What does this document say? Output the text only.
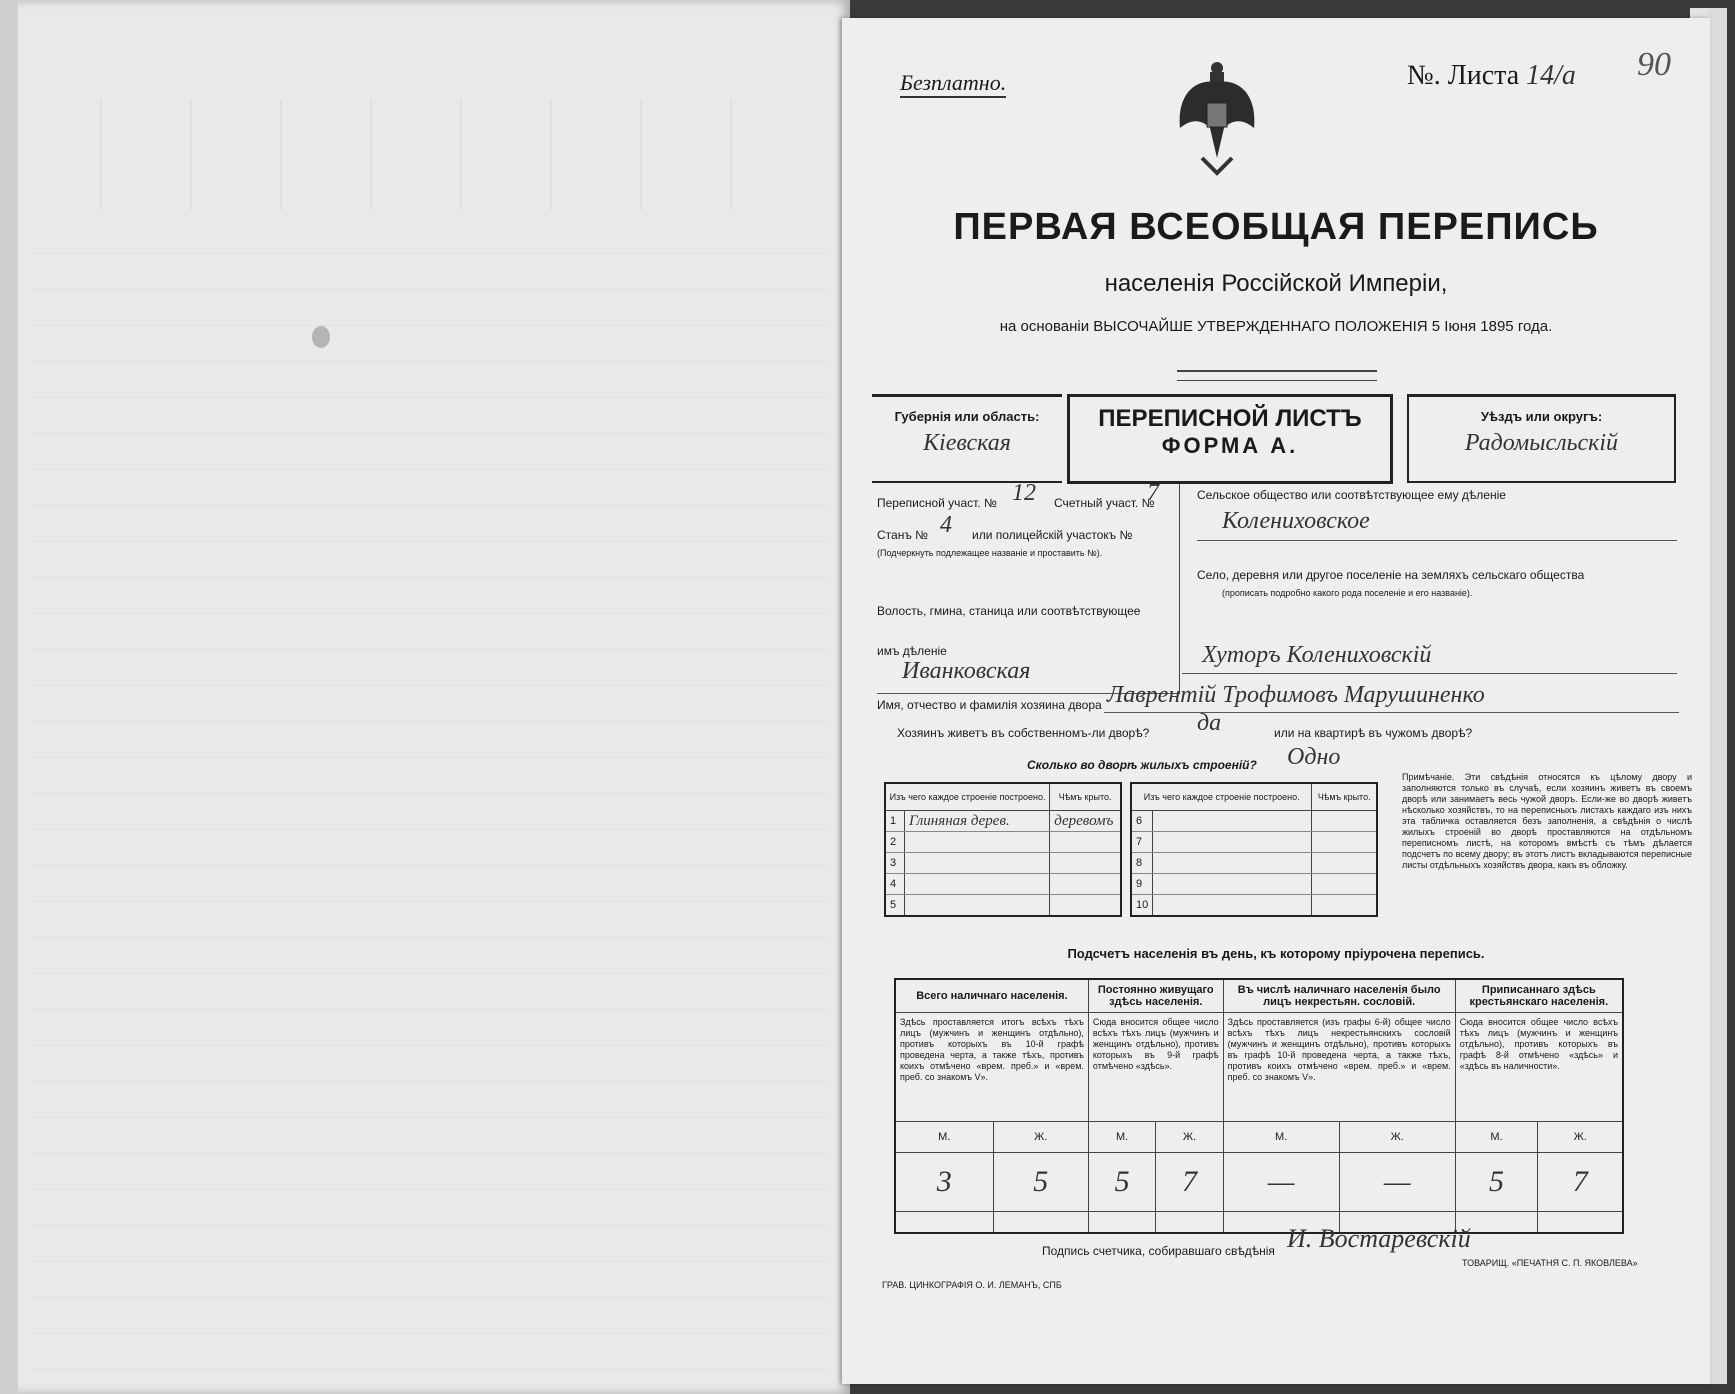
Безплатно.	№. Листа 14/а 90
ПЕРВАЯ ВСЕОБЩАЯ ПЕРЕПИСЬ
населенія Россійской Имперіи,
на основаніи ВЫСОЧАЙШЕ УТВЕРЖДЕННАГО ПОЛОЖЕНІЯ 5 Іюня 1895 года.
Губернія или область:
Кіевская
ПЕРЕПИСНОЙ ЛИСТЪ
ФОРМА А.
Уѣздъ или округъ:
Радомысльскій
Переписной участ. № 12 Счетный участ. №
7
Станъ № 4 или полицейскій участокъ №
(Подчеркнуть подлежащее названіе и проставить №).
Волость, гмина, станица или соотвѣтствующее
имъ дѣленіе
Иванковская
Сельское общество или соотвѣтствующее ему дѣленіе
Колениховское
Село, деревня или другое поселеніе на земляхъ сельскаго общества
(прописать подробно какого рода поселеніе и его названіе).
Хуторъ Колениховскій
Имя, отчество и фамилія хозяина двора Лаврентій Трофимовъ Марушиненко
Хозяинъ живетъ въ собственномъ-ли дворѣ? да	или на квартирѣ въ чужомъ дворѣ?
Сколько во дворѣ жилыхъ строеній? Одно
Изъ чего каждое строеніе построено.		Чѣмъ крыто.
1	Глиняная дерев.	деревомъ
2		
3		
4		
5		
Изъ чего каждое строеніе построено.		Чѣмъ крыто.
6		
7		
8		
9		
10		
Примѣчаніе. Эти свѣдѣнія относятся къ цѣлому двору и заполняются только въ случаѣ, если хозяинъ живетъ въ своемъ дворѣ или занимаетъ весь чужой дворъ. Если-же во дворѣ живетъ нѣсколько хозяйствъ, то на переписныхъ листахъ каждаго изъ нихъ эта табличка оставляется безъ заполненія, а свѣдѣнія о числѣ жилыхъ строеній во дворѣ проставляются на отдѣльномъ переписномъ листѣ, на которомъ вмѣстѣ съ тѣмъ дѣлается подсчетъ по всему двору; въ этотъ листъ вкладываются переписные листы отдѣльныхъ хозяйствъ двора, какъ въ обложку.
Подсчетъ населенія въ день, къ которому пріурочена перепись.
Всего наличнаго населенія.		Постоянно живущаго здѣсь населенія.		Въ числѣ наличнаго населенія было лицъ некрестьян. сословій.		Приписаннаго здѣсь крестьянскаго населенія.	
Здѣсь проставляется итогъ всѣхъ тѣхъ лицъ (мужчинъ и женщинъ отдѣльно), противъ которыхъ въ 10-й графѣ проведена черта, а также тѣхъ, противъ коихъ отмѣчено «врем. преб.» и «врем. преб. со знакомъ V».		Сюда вносится общее число всѣхъ тѣхъ лицъ (мужчинъ и женщинъ отдѣльно), противъ которыхъ въ 9-й графѣ отмѣчено «здѣсь».		Здѣсь проставляется (изъ графы 6-й) общее число всѣхъ тѣхъ лицъ некрестьянскихъ сословій (мужчинъ и женщинъ отдѣльно), противъ которыхъ въ графѣ 10-й проведена черта, а также тѣхъ, противъ коихъ отмѣчено «врем. преб.» и «врем. преб. со знакомъ V».		Сюда вносится общее число всѣхъ тѣхъ лицъ (мужчинъ и женщинъ отдѣльно), противъ которыхъ въ графѣ 8-й отмѣчено «здѣсь» и «здѣсь въ наличности».	
М.	Ж.	М.	Ж.	М.	Ж.	М.	Ж.
3	5	5	7	—	—	5	7

Подпись счетчика, собиравшаго свѣдѣнія И. Востаревскій
ГРАВ. ЦИНКОГРАФІЯ О. И. ЛЕМАНЪ, СПБ
ТОВАРИЩ. «ПЕЧАТНЯ С. П. ЯКОВЛЕВА»
